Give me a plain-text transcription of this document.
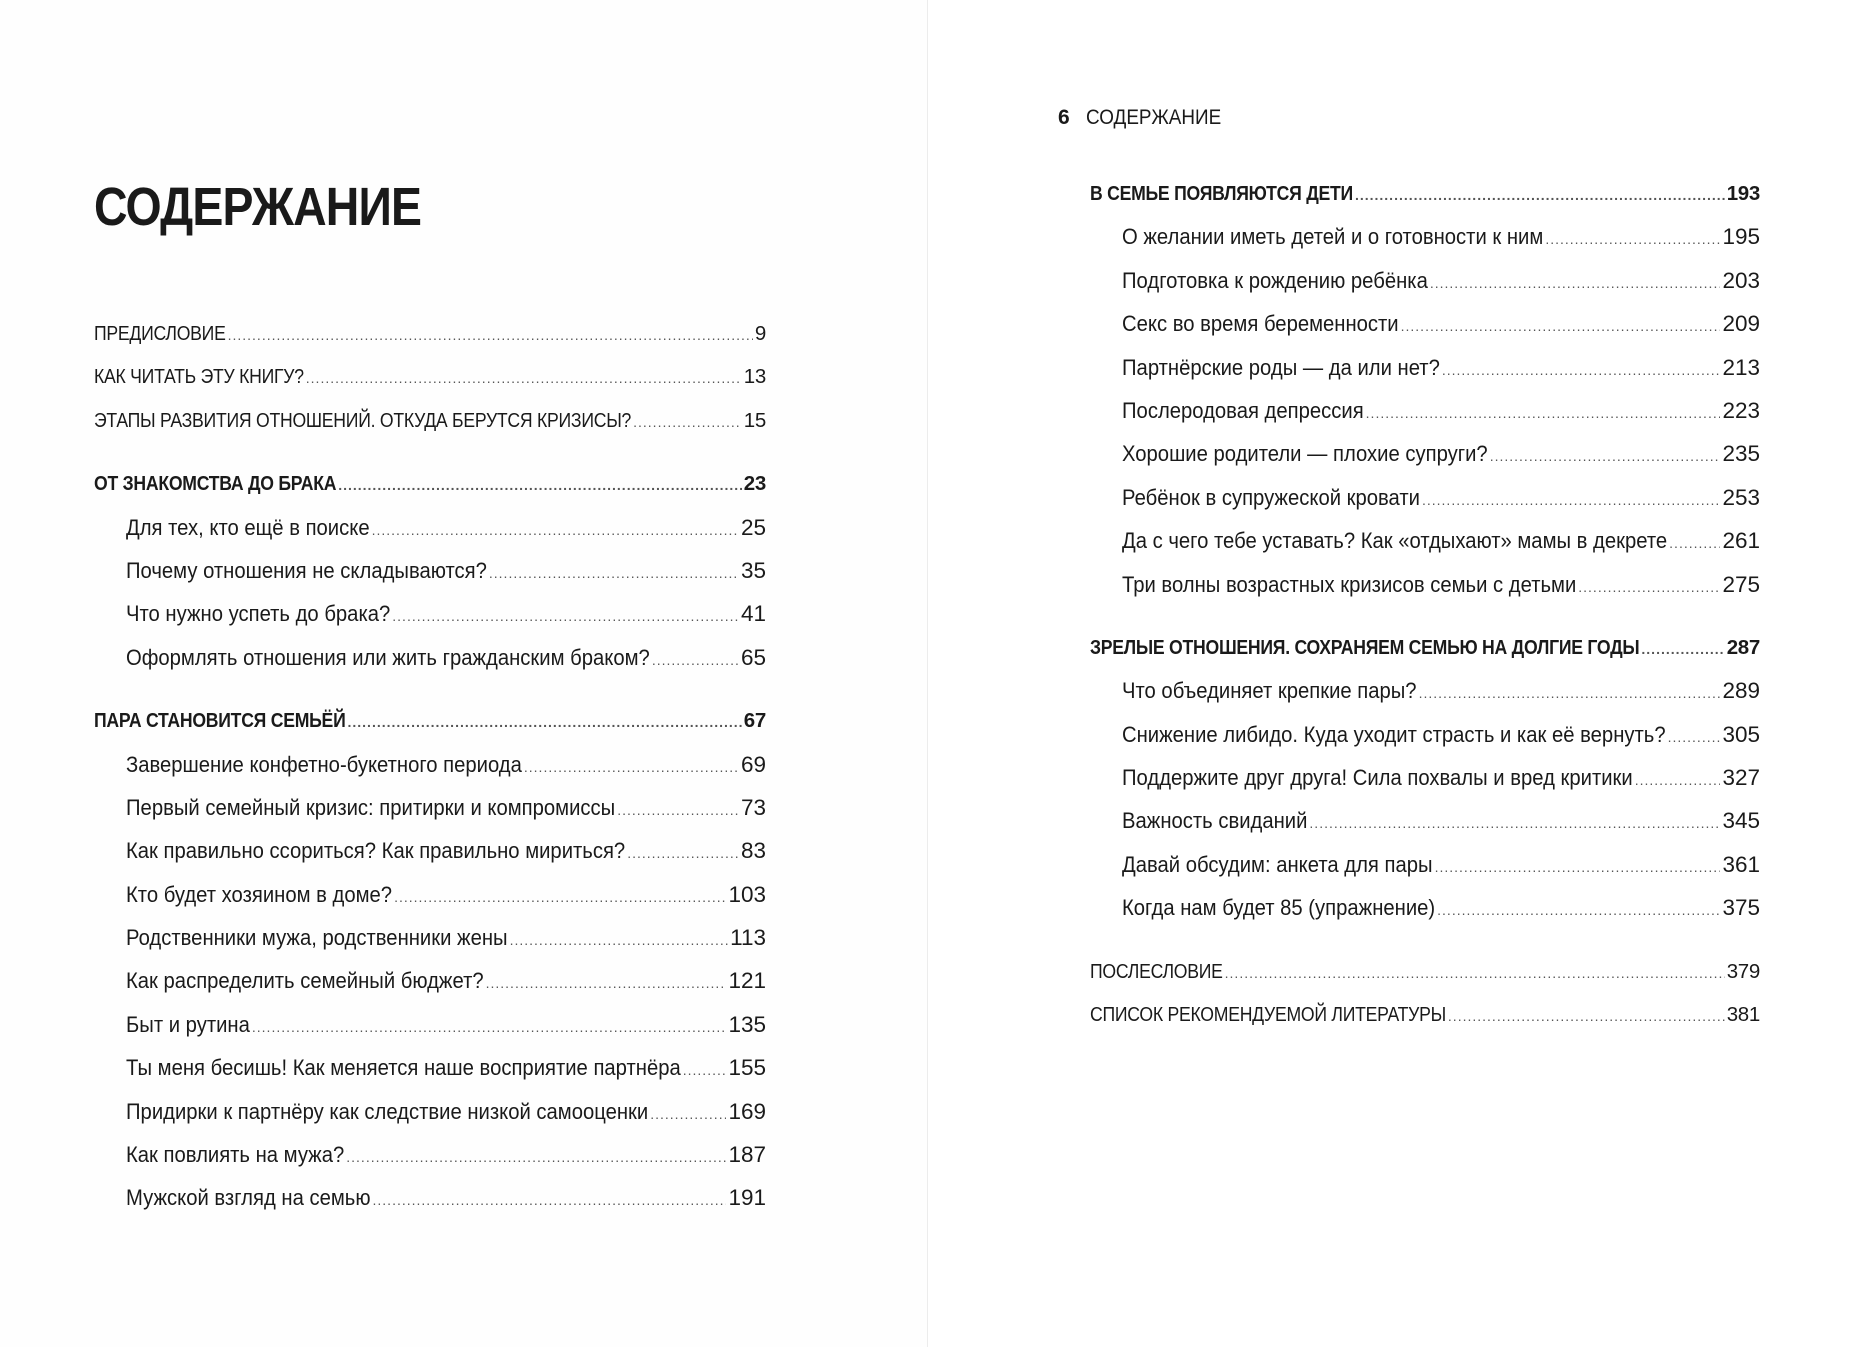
СОДЕРЖАНИЕ
6 СОДЕРЖАНИЕ
ПРЕДИСЛОВИЕ .....	9
КАК ЧИТАТЬ ЭТУ КНИГУ? .....	13
ЭТАПЫ РАЗВИТИЯ ОТНОШЕНИЙ. ОТКУДА БЕРУТСЯ КРИЗИСЫ? .....	15
ОТ ЗНАКОМСТВА ДО БРАКА .....	23
Для тех, кто ещё в поиске .....	25
Почему отношения не складываются? .....	35
Что нужно успеть до брака? .....	41
Оформлять отношения или жить гражданским браком? .....	65
ПАРА СТАНОВИТСЯ СЕМЬЁЙ .....	67
Завершение конфетно-букетного периода .....	69
Первый семейный кризис: притирки и компромиссы .....	73
Как правильно ссориться? Как правильно мириться? .....	83
Кто будет хозяином в доме? .....	103
Родственники мужа, родственники жены .....	113
Как распределить семейный бюджет? .....	121
Быт и рутина .....	135
Ты меня бесишь! Как меняется наше восприятие партнёра ..... 155
Придирки к партнёру как следствие низкой самооценки .....	169
Как повлиять на мужа? .....	187
Мужской взгляд на семью .....	191
В СЕМЬЕ ПОЯВЛЯЮТСЯ ДЕТИ .....	193
О желании иметь детей и о готовности к ним .....	195
Подготовка к рождению ребёнка .....	203
Секс во время беременности .....	209
Партнёрские роды — да или нет? .....	213
Послеродовая депрессия .....	223
Хорошие родители — плохие супруги? .....	235
Ребёнок в супружеской кровати .....	253
Да с чего тебе уставать? Как «отдыхают» мамы в декрете ..... 261
Три волны возрастных кризисов семьи с детьми .....	275
ЗРЕЛЫЕ ОТНОШЕНИЯ. СОХРАНЯЕМ СЕМЬЮ НА ДОЛГИЕ ГОДЫ .....	287
Что объединяет крепкие пары? .....	289
Снижение либидо. Куда уходит страсть и как её вернуть? .....	305
Поддержите друг друга! Сила похвалы и вред критики .....	327
Важность свиданий .....	345
Давай обсудим: анкета для пары .....	361
Когда нам будет 85 (упражнение) .....	375
ПОСЛЕСЛОВИЕ .....	379
СПИСОК РЕКОМЕНДУЕМОЙ ЛИТЕРАТУРЫ .....	381
